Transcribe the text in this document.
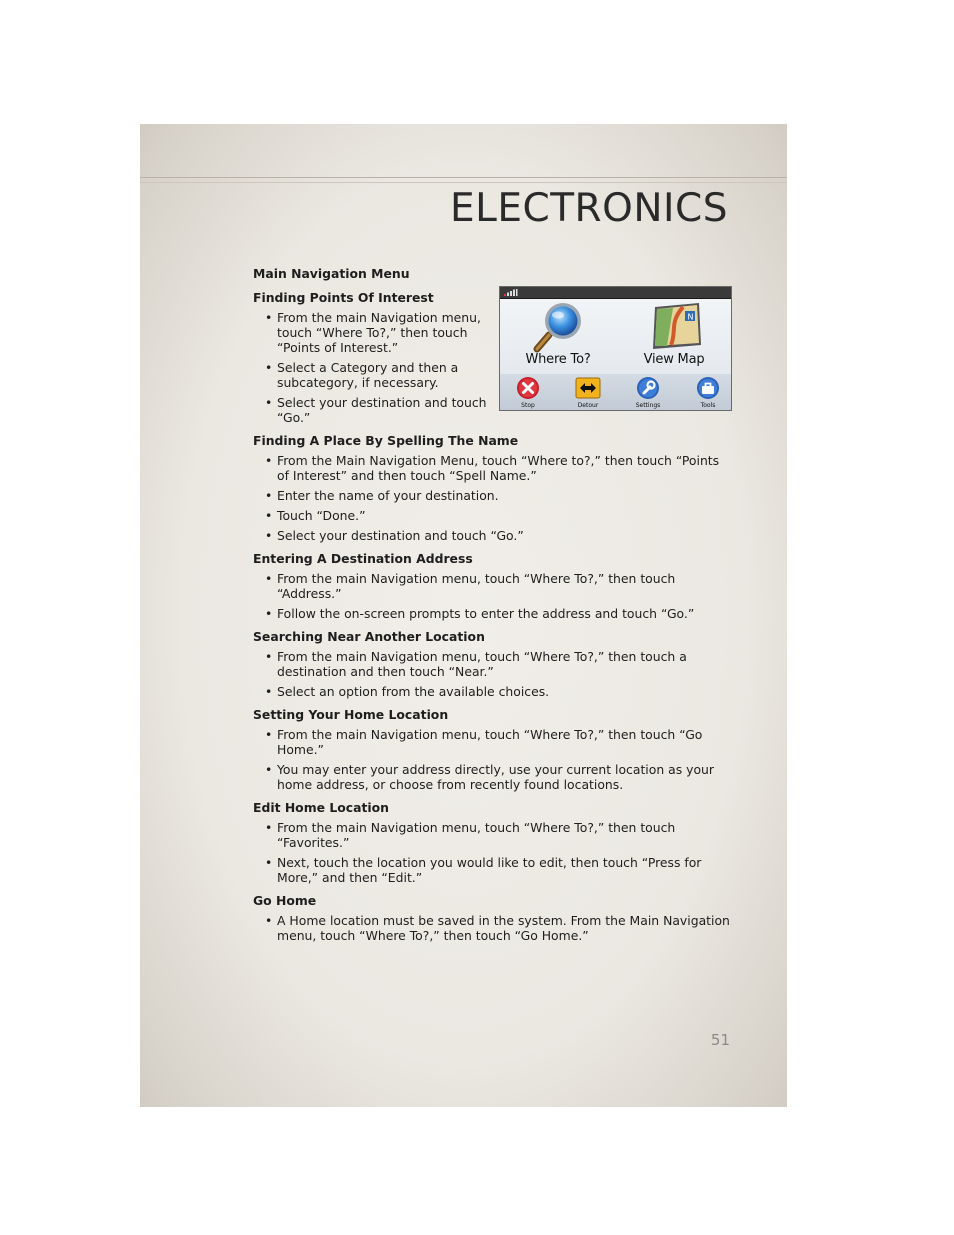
ELECTRONICS
Where To?
N
View Map
Stop	Detour	Settings	Tools
Main Navigation Menu
Finding Points Of Interest
• From the main Navigation menu, touch “Where To?,” then touch “Points of Interest.”
• Select a Category and then a subcategory, if necessary.
• Select your destination and touch “Go.”
Finding A Place By Spelling The Name
• From the Main Navigation Menu, touch “Where to?,” then touch “Points of Interest” and then touch “Spell Name.”
• Enter the name of your destination.
• Touch “Done.”
• Select your destination and touch “Go.”
Entering A Destination Address
• From the main Navigation menu, touch “Where To?,” then touch “Address.”
• Follow the on-screen prompts to enter the address and touch “Go.”
Searching Near Another Location
• From the main Navigation menu, touch “Where To?,” then touch a destination and then touch “Near.”
• Select an option from the available choices.
Setting Your Home Location
• From the main Navigation menu, touch “Where To?,” then touch “Go Home.”
• You may enter your address directly, use your current location as your home address, or choose from recently found locations.
Edit Home Location
• From the main Navigation menu, touch “Where To?,” then touch “Favorites.”
• Next, touch the location you would like to edit, then touch “Press for More,” and then “Edit.”
Go Home
• A Home location must be saved in the system. From the Main Navigation menu, touch “Where To?,” then touch “Go Home.”
51
